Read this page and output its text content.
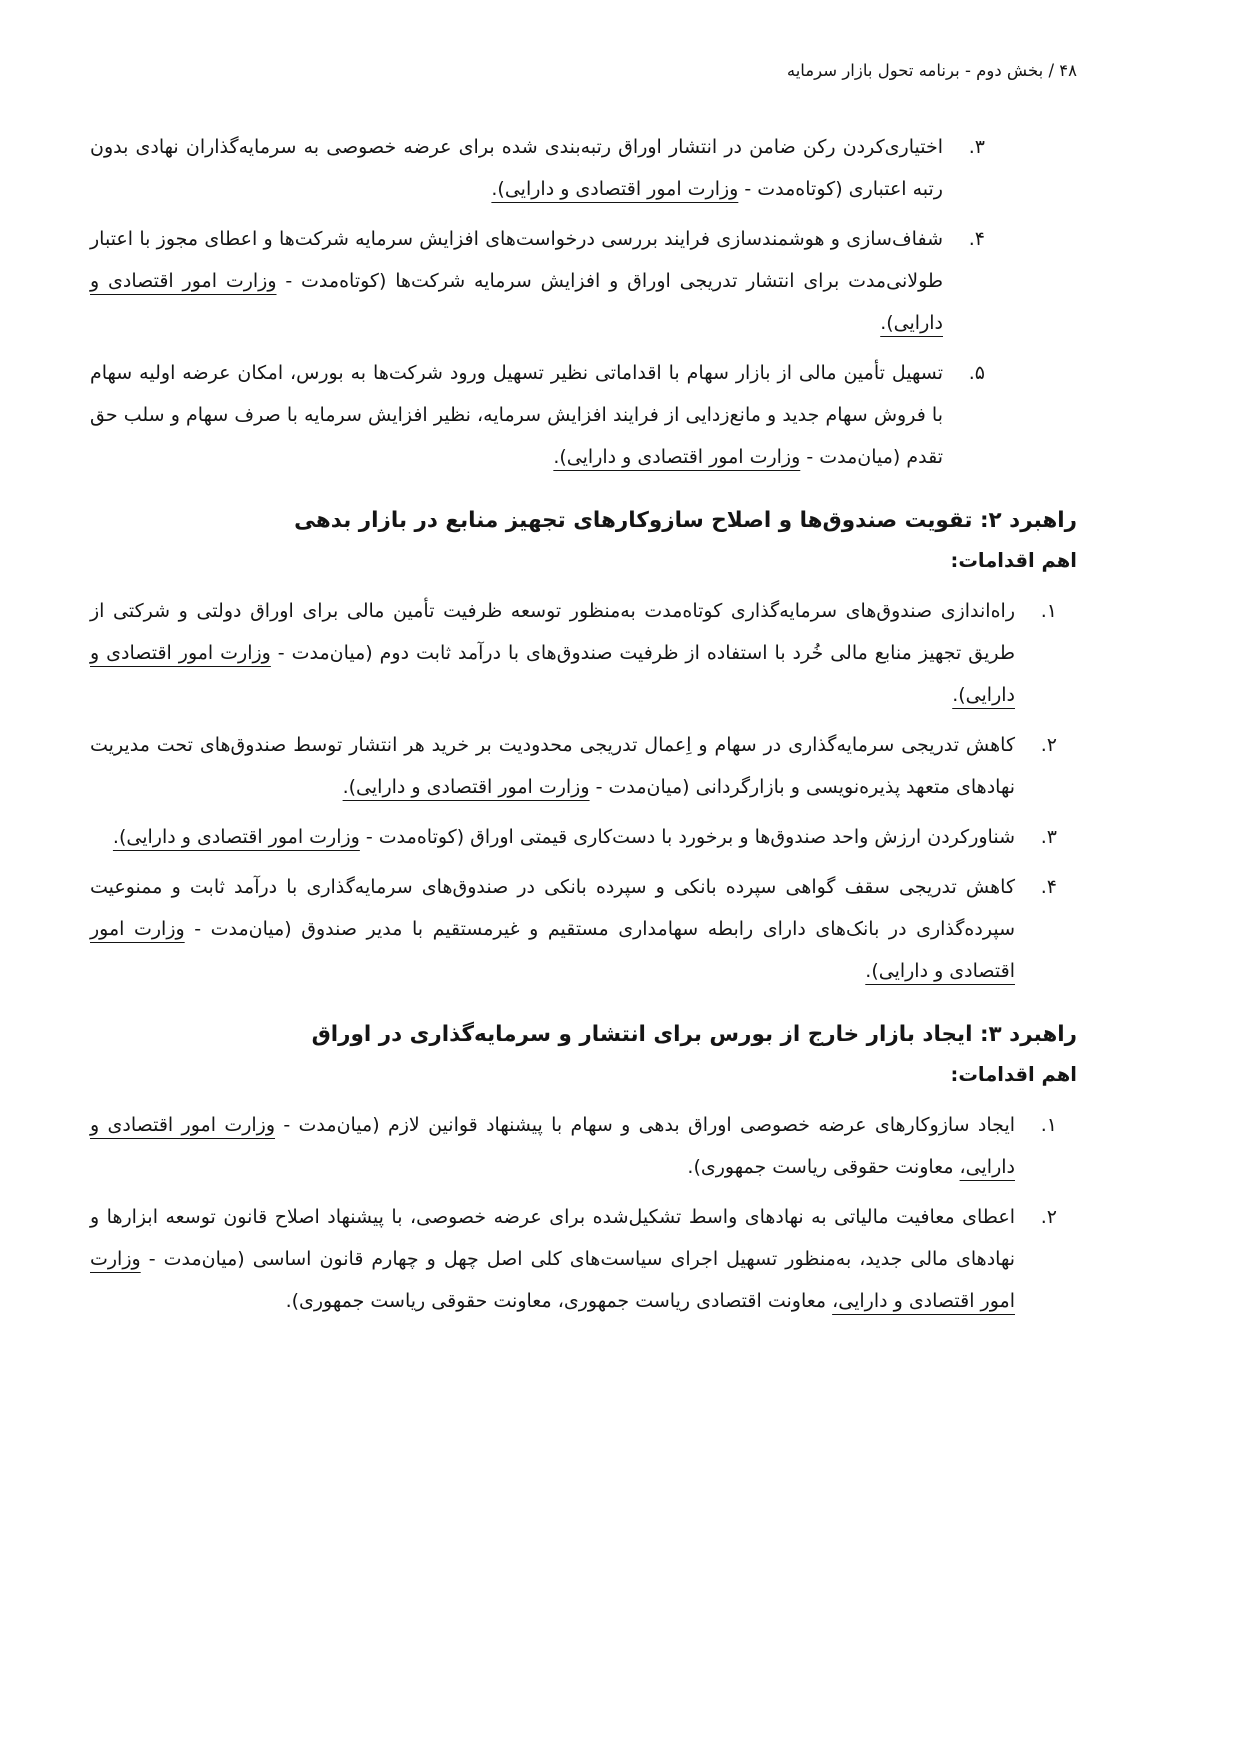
۴۸ / بخش دوم - برنامه تحول بازار سرمایه
۳.
اختیاری‌کردن رکن ضامن در انتشار اوراق رتبه‌بندی شده برای عرضه خصوصی به سرمایه‌گذاران نهادی بدون رتبه اعتباری (کوتاه‌مدت - وزارت امور اقتصادی و دارایی).
۴.
شفاف‌سازی و هوشمندسازی فرایند بررسی درخواست‌های افزایش سرمایه شرکت‌ها و اعطای مجوز با اعتبار طولانی‌مدت برای انتشار تدریجی اوراق و افزایش سرمایه شرکت‌ها (کوتاه‌مدت - وزارت امور اقتصادی و دارایی).
۵.
تسهیل تأمین مالی از بازار سهام با اقداماتی نظیر تسهیل ورود شرکت‌ها به بورس، امکان عرضه اولیه سهام با فروش سهام جدید و مانع‌زدایی از فرایند افزایش سرمایه، نظیر افزایش سرمایه با صرف سهام و سلب حق تقدم (میان‌مدت - وزارت امور اقتصادی و دارایی).
راهبرد ۲: تقویت صندوق‌ها و اصلاح سازوکارهای تجهیز منابع در بازار بدهی
اهم اقدامات:
۱.
راه‌اندازی صندوق‌های سرمایه‌گذاری کوتاه‌مدت به‌منظور توسعه ظرفیت تأمین مالی برای اوراق دولتی و شرکتی از طریق تجهیز منابع مالی خُرد با استفاده از ظرفیت صندوق‌های با درآمد ثابت دوم (میان‌مدت - وزارت امور اقتصادی و دارایی).
۲.
کاهش تدریجی سرمایه‌گذاری در سهام و اِعمال تدریجی محدودیت بر خرید هر انتشار توسط صندوق‌های تحت مدیریت نهادهای متعهد پذیره‌نویسی و بازارگردانی (میان‌مدت - وزارت امور اقتصادی و دارایی).
۳.
شناورکردن ارزش واحد صندوق‌ها و برخورد با دست‌کاری قیمتی اوراق (کوتاه‌مدت - وزارت امور اقتصادی و دارایی).
۴.
کاهش تدریجی سقف گواهی سپرده بانکی و سپرده بانکی در صندوق‌های سرمایه‌گذاری با درآمد ثابت و ممنوعیت سپرده‌گذاری در بانک‌های دارای رابطه سهامداری مستقیم و غیرمستقیم با مدیر صندوق (میان‌مدت - وزارت امور اقتصادی و دارایی).
راهبرد ۳: ایجاد بازار خارج از بورس برای انتشار و سرمایه‌گذاری در اوراق
اهم اقدامات:
۱.
ایجاد سازوکارهای عرضه خصوصی اوراق بدهی و سهام با پیشنهاد قوانین لازم (میان‌مدت - وزارت امور اقتصادی و دارایی، معاونت حقوقی ریاست جمهوری).
۲.
اعطای معافیت مالیاتی به نهادهای واسط تشکیل‌شده برای عرضه خصوصی، با پیشنهاد اصلاح قانون توسعه ابزارها و نهادهای مالی جدید، به‌منظور تسهیل اجرای سیاست‌های کلی اصل چهل و چهارم قانون اساسی (میان‌مدت - وزارت امور اقتصادی و دارایی، معاونت اقتصادی ریاست جمهوری، معاونت حقوقی ریاست جمهوری).
